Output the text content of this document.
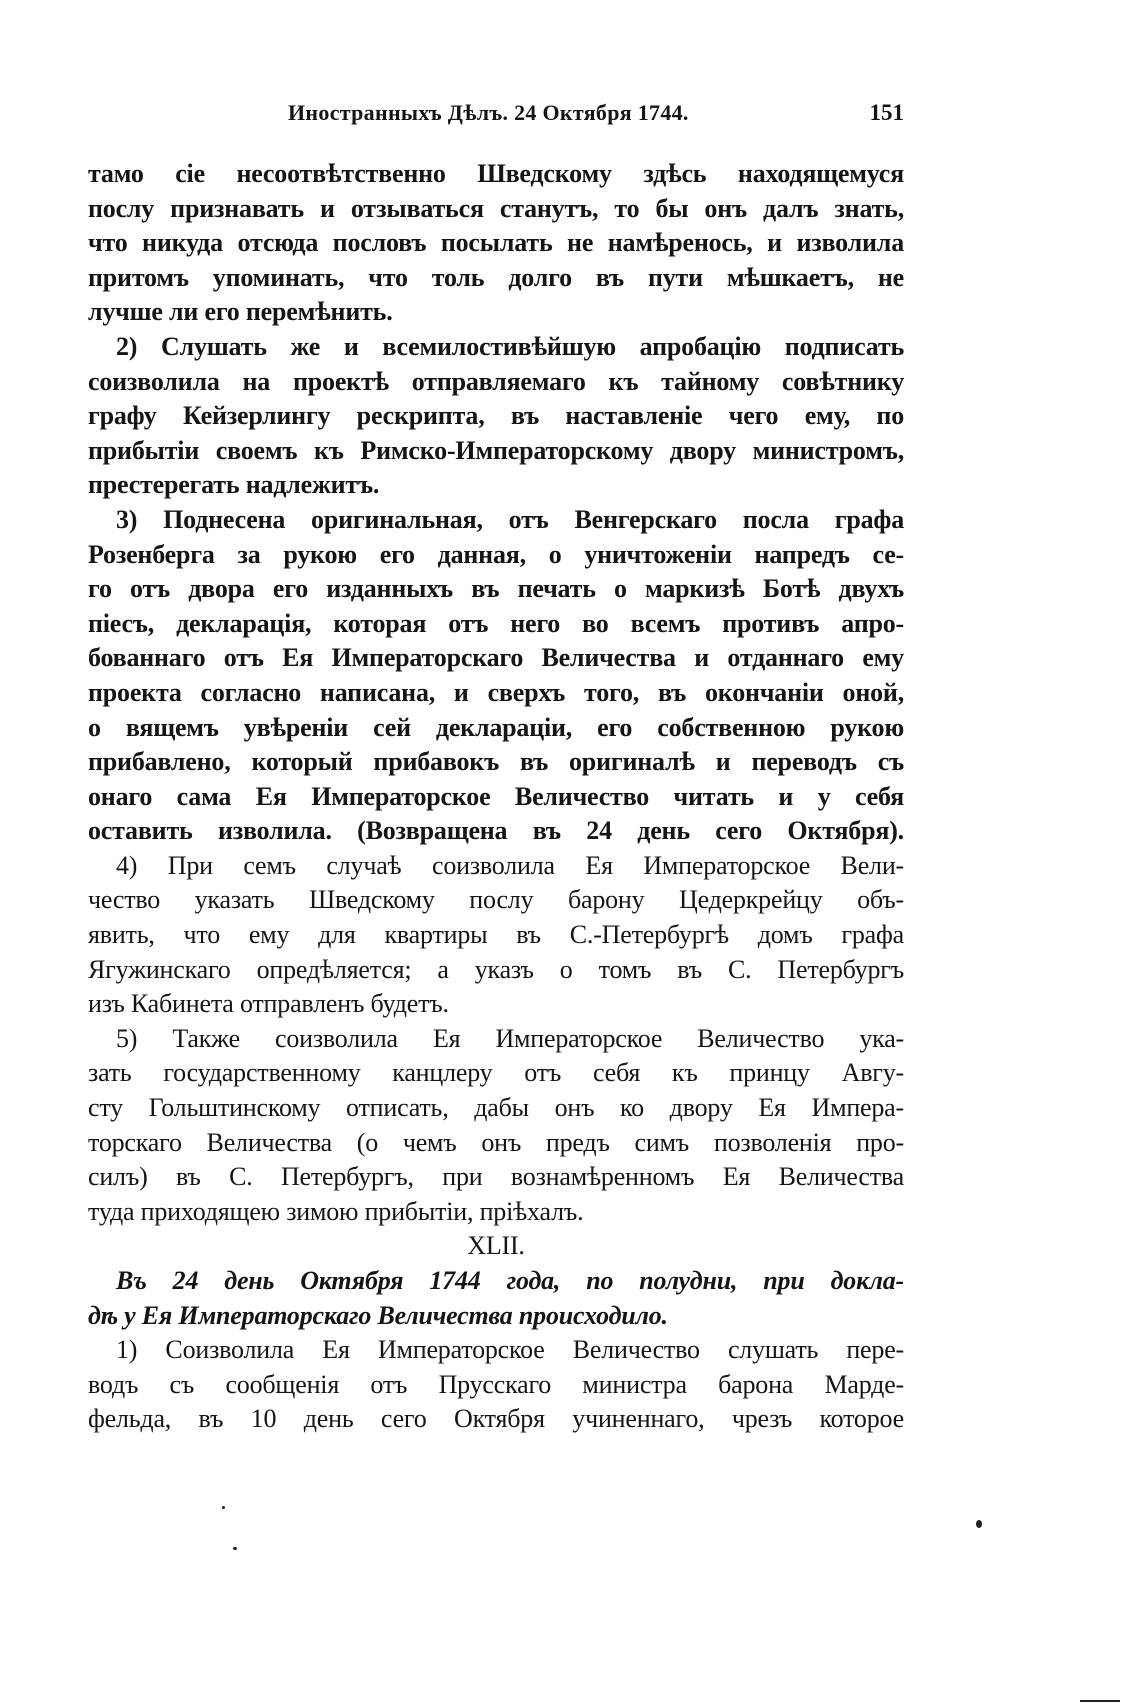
Иностранныхъ Дѣлъ. 24 Октября 1744.	151
тамо сіе несоотвѣтственно Шведскому здѣсь находящемуся
послу признавать и отзываться станутъ, то бы онъ далъ знать,
что никуда отсюда пословъ посылать не намѣренось, и изволила
притомъ упоминать, что толь долго въ пути мѣшкаетъ, не
лучше ли его перемѣнить.
2) Слушать же и всемилостивѣйшую апробацію подписать
соизволила на проектѣ отправляемаго къ тайному совѣтнику
графу Кейзерлингу рескрипта, въ наставленіе чего ему, по
прибытіи своемъ къ Римско-Императорскому двору министромъ,
престерегать надлежитъ.
3) Поднесена оригинальная, отъ Венгерскаго посла графа
Розенберга за рукою его данная, о уничтоженіи напредъ се-
го отъ двора его изданныхъ въ печать о маркизѣ Ботѣ двухъ
піесъ, декларація, которая отъ него во всемъ противъ апро-
бованнаго отъ Ея Императорскаго Величества и отданнаго ему
проекта согласно написана, и сверхъ того, въ окончаніи оной,
о вящемъ увѣреніи сей деклараціи, его собственною рукою
прибавлено, который прибавокъ въ оригиналѣ и переводъ съ
онаго сама Ея Императорское Величество читать и у себя
оставить изволила. (Возвращена въ 24 день сего Октября).
4) При семъ случаѣ соизволила Ея Императорское Вели-
чество указать Шведскому послу барону Цедеркрейцу объ-
явить, что ему для квартиры въ С.-Петербургѣ домъ графа
Ягужинскаго опредѣляется; а указъ о томъ въ С. Петербургъ
изъ Кабинета отправленъ будетъ.
5) Также соизволила Ея Императорское Величество ука-
зать государственному канцлеру отъ себя къ принцу Авгу-
сту Гольштинскому отписать, дабы онъ ко двору Ея Импера-
торскаго Величества (о чемъ онъ предъ симъ позволенія про-
силъ) въ С. Петербургъ, при вознамѣренномъ Ея Величества
туда приходящею зимою прибытіи, пріѣхалъ.
XLII.
Въ 24 день Октября 1744 года, по полудни, при докла-
дѣ у Ея Императорскаго Величества происходило.
1) Соизволила Ея Императорское Величество слушать пере-
водъ съ сообщенія отъ Прусскаго министра барона Марде-
фельда, въ 10 день сего Октября учиненнаго, чрезъ которое
